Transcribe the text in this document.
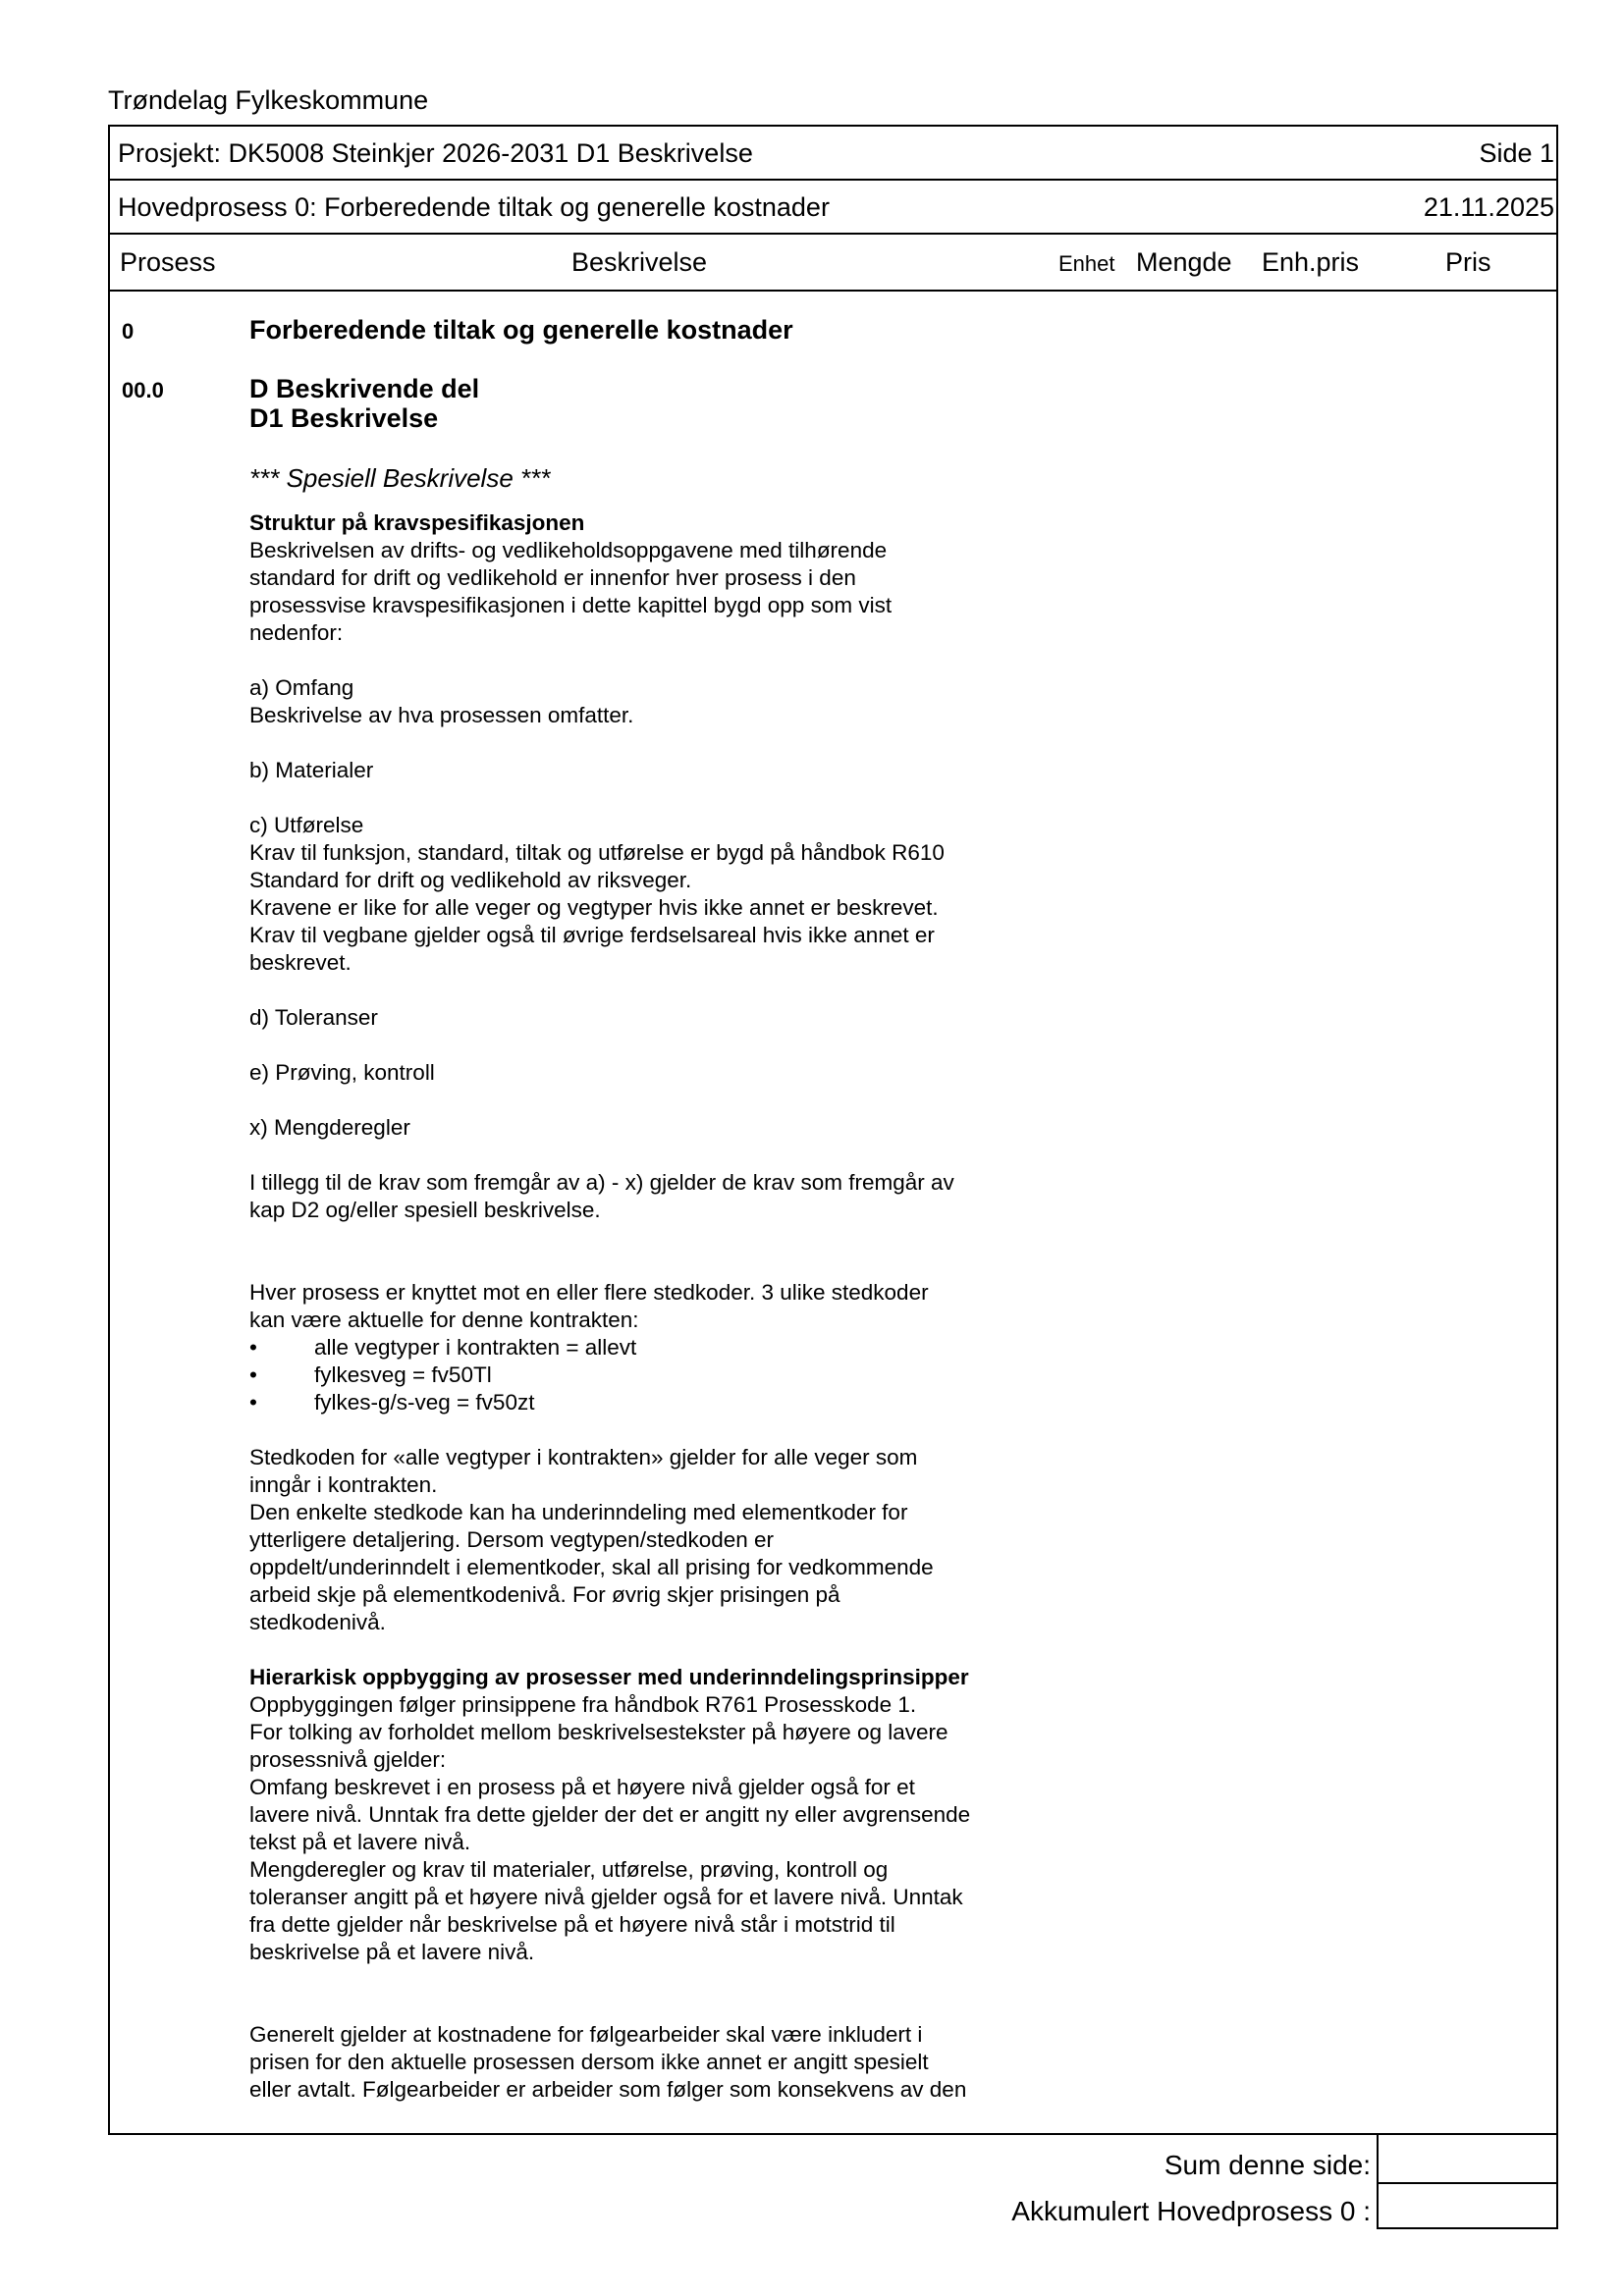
Trøndelag Fylkeskommune
Prosjekt: DK5008 Steinkjer 2026-2031 D1 Beskrivelse	Side 1
Hovedprosess 0: Forberedende tiltak og generelle kostnader	21.11.2025
Prosess	Beskrivelse	Enhet Mengde Enh.pris	Pris
0	Forberedende tiltak og generelle kostnader
00.0	D Beskrivende del

D1 Beskrivelse

*** Spesiell Beskrivelse ***

Struktur på kravspesifikasjonen

Beskrivelsen av drifts- og vedlikeholdsoppgavene med tilhørende

standard for drift og vedlikehold er innenfor hver prosess i den

prosessvise kravspesifikasjonen i dette kapittel bygd opp som vist

nedenfor:

a) Omfang

Beskrivelse av hva prosessen omfatter.

b) Materialer

c) Utførelse

Krav til funksjon, standard, tiltak og utførelse er bygd på håndbok R610

Standard for drift og vedlikehold av riksveger.

Kravene er like for alle veger og vegtyper hvis ikke annet er beskrevet.

Krav til vegbane gjelder også til øvrige ferdselsareal hvis ikke annet er

beskrevet.

d) Toleranser

e) Prøving, kontroll

x) Mengderegler

I tillegg til de krav som fremgår av a) - x) gjelder de krav som fremgår av

kap D2 og/eller spesiell beskrivelse.

Hver prosess er knyttet mot en eller flere stedkoder. 3 ulike stedkoder

kan være aktuelle for denne kontrakten:

•	alle vegtyper i kontrakten = allevt

•	fylkesveg = fv50Tl

•	fylkes-g/s-veg = fv50zt

Stedkoden for «alle vegtyper i kontrakten» gjelder for alle veger som

inngår i kontrakten.

Den enkelte stedkode kan ha underinndeling med elementkoder for

ytterligere detaljering. Dersom vegtypen/stedkoden er

oppdelt/underinndelt i elementkoder, skal all prising for vedkommende

arbeid skje på elementkodenivå. For øvrig skjer prisingen på

stedkodenivå.

Hierarkisk oppbygging av prosesser med underinndelingsprinsipper

Oppbyggingen følger prinsippene fra håndbok R761 Prosesskode 1.

For tolking av forholdet mellom beskrivelsestekster på høyere og lavere

prosessnivå gjelder:

Omfang beskrevet i en prosess på et høyere nivå gjelder også for et

lavere nivå. Unntak fra dette gjelder der det er angitt ny eller avgrensende

tekst på et lavere nivå.

Mengderegler og krav til materialer, utførelse, prøving, kontroll og

toleranser angitt på et høyere nivå gjelder også for et lavere nivå. Unntak

fra dette gjelder når beskrivelse på et høyere nivå står i motstrid til

beskrivelse på et lavere nivå.

Generelt gjelder at kostnadene for følgearbeider skal være inkludert i

prisen for den aktuelle prosessen dersom ikke annet er angitt spesielt

eller avtalt. Følgearbeider er arbeider som følger som konsekvens av den

Sum denne side:
Akkumulert Hovedprosess 0 :
